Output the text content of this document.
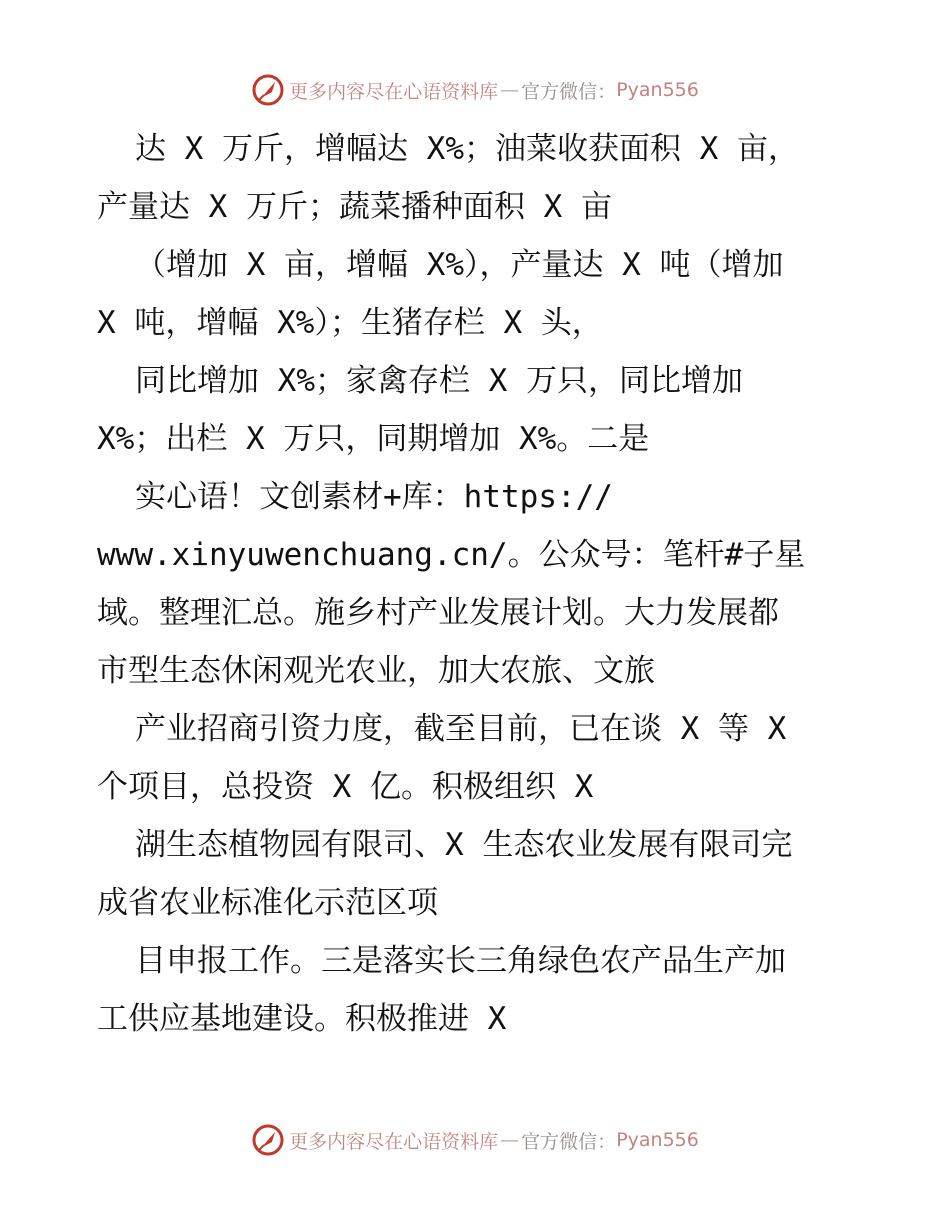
更多内容尽在心语资料库 — 官方微信： Pyan556
达 X 万斤，增幅达 X%；油菜收获面积 X 亩，
产量达 X 万斤；蔬菜播种面积 X 亩
（增加 X 亩，增幅 X%），产量达 X 吨（增加
X 吨，增幅 X%）；生猪存栏 X 头，
同比增加 X%；家禽存栏 X 万只，同比增加
X%；出栏 X 万只，同期增加 X%。二是
实心语！文创素材+库：https://
www.xinyuwenchuang.cn/。公众号：笔杆#子星
域。整理汇总。施乡村产业发展计划。大力发展都
市型生态休闲观光农业，加大农旅、文旅
产业招商引资力度，截至目前，已在谈 X 等 X
个项目，总投资 X 亿。积极组织 X
湖生态植物园有限司、X 生态农业发展有限司完
成省农业标准化示范区项
目申报工作。三是落实长三角绿色农产品生产加
工供应基地建设。积极推进 X
更多内容尽在心语资料库 — 官方微信： Pyan556
